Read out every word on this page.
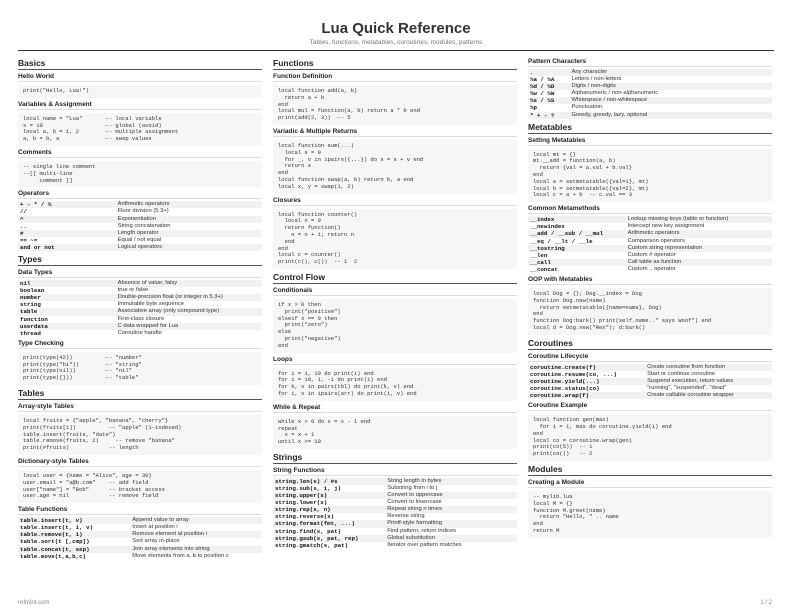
Lua Quick Reference
Tables, functions, metatables, coroutines, modules, patterns
Basics
Hello World
print("Hello, Lua!")
Variables & Assignment
local name = "Lua"       -- local variable
x = 10                   -- global (avoid)
local a, b = 1, 2        -- multiple assignment
a, b = b, a              -- swap values
Comments
-- single line comment
--[[ multi-line
comment ]]
Operators
+ - * / %	Arithmetic operators
//	Floor division (5.3+)
^	Exponentiation
..	String concatenation
#	Length operator
== ~=	Equal / not equal
and or not	Logical operators
Types
Data Types
nil	Absence of value; falsy
boolean	true or false
number	Double-precision float (or integer in 5.3+)
string	Immutable byte sequence
table	Associative array (only compound type)
function	First-class closure
userdata	C data wrapped for Lua
thread	Coroutine handle
Type Checking
print(type(42))          -- "number"
print(type("hi"))        -- "string"
print(type(nil))         -- "nil"
print(type({}))          -- "table"
Tables
Array-style Tables
local fruits = {"apple", "banana", "cherry"}
print(fruits[1])          -- "apple" (1-indexed)
table.insert(fruits, "date")
table.remove(fruits, 2)     -- remove "banana"
print(#fruits)            -- length
Dictionary-style Tables
local user = {name = "Alice", age = 30}
user.email = "a@b.com"    -- add field
user["name"] = "Bob"      -- bracket access
user.age = nil            -- remove field
Table Functions
table.insert(t, v)	Append value to array
table.insert(t, i, v)	Insert at position i
table.remove(t, i)	Remove element at position i
table.sort(t [,cmp])	Sort array in-place
table.concat(t, sep)	Join array elements into string
table.move(t,a,b,c)	Move elements from a..b to position c
Functions
Function Definition
local function add(a, b)
return a + b
end
local mul = function(a, b) return a * b end
print(add(2, 3))  -- 5
Variadic & Multiple Returns
local function sum(...)
local s = 0
for _, v in ipairs({...}) do s = s + v end
return s
end
local function swap(a, b) return b, a end
local x, y = swap(1, 2)
Closures
local function counter()
local n = 0
return function()
n = n + 1; return n
end
end
local c = counter()
print(c(), c())  -- 1  2
Control Flow
Conditionals
if x > 0 then
print("positive")
elseif x == 0 then
print("zero")
else
print("negative")
end
Loops
for i = 1, 10 do print(i) end
for i = 10, 1, -1 do print(i) end
for k, v in pairs(tbl) do print(k, v) end
for i, v in ipairs(arr) do print(i, v) end
While & Repeat
while x > 0 do x = x - 1 end
repeat
x = x + 1
until x >= 10
Strings
String Functions
string.len(s) / #s	String length in bytes
string.sub(s, i, j)	Substring from i to j
string.upper(s)	Convert to uppercase
string.lower(s)	Convert to lowercase
string.rep(s, n)	Repeat string n times
string.reverse(s)	Reverse string
string.format(fmt, ...)	Printf-style formatting
string.find(s, pat)	Find pattern, return indices
string.gsub(s, pat, rep)	Global substitution
string.gmatch(s, pat)	Iterator over pattern matches
Pattern Characters
.	Any character
%a / %A	Letters / non-letters
%d / %D	Digits / non-digits
%w / %W	Alphanumeric / non-alphanumeric
%s / %S	Whitespace / non-whitespace
%p	Punctuation
* + - ?	Greedy, greedy, lazy, optional
Metatables
Setting Metatables
local mt = {}
mt.__add = function(a, b)
return {val = a.val + b.val}
end
local a = setmetatable({val=1}, mt)
local b = setmetatable({val=2}, mt)
local c = a + b  -- c.val == 3
Common Metamethods
__index	Lookup missing keys (table or function)
__newindex	Intercept new key assignment
__add / __sub / __mul	Arithmetic operators
__eq / __lt / __le	Comparison operators
__tostring	Custom string representation
__len	Custom # operator
__call	Call table as function
__concat	Custom .. operator
OOP with Metatables
local Dog = {}; Dog.__index = Dog
function Dog.new(name)
return setmetatable({name=name}, Dog)
end
function Dog:bark() print(self.name.." says Woof") end
local d = Dog.new("Rex"); d:bark()
Coroutines
Coroutine Lifecycle
coroutine.create(f)	Create coroutine from function
coroutine.resume(co, ...)	Start or continue coroutine
coroutine.yield(...)	Suspend execution, return values
coroutine.status(co)	"running", "suspended", "dead"
coroutine.wrap(f)	Create callable coroutine wrapper
Coroutine Example
local function gen(max)
for i = 1, max do coroutine.yield(i) end
end
local co = coroutine.wrap(gen)
print(co(5))  -- 1
print(co())   -- 2
Modules
Creating a Module
-- mylib.lua
local M = {}
function M.greet(name)
return "Hello, " .. name
end
return M
refmint.com	1 / 2
